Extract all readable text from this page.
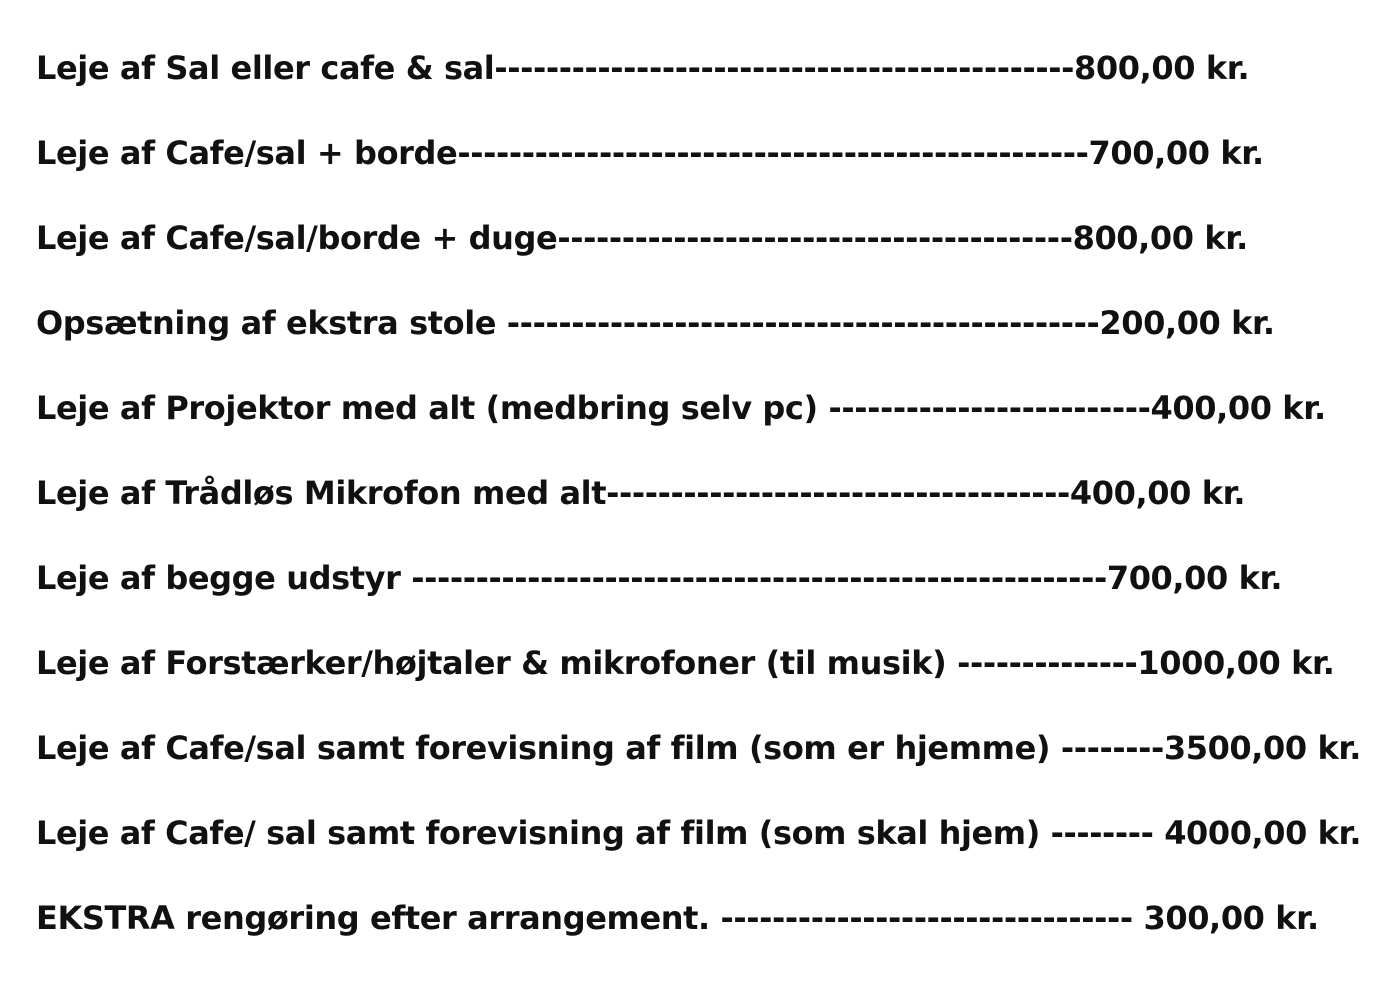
Leje af Sal eller cafe & sal---------------------------------------------800,00 kr.
Leje af Cafe/sal + borde-------------------------------------------------700,00 kr.
Leje af Cafe/sal/borde + duge----------------------------------------800,00 kr.
Opsætning af ekstra stole ----------------------------------------------200,00 kr.
Leje af Projektor med alt (medbring selv pc) -------------------------400,00 kr.
Leje af Trådløs Mikrofon med alt------------------------------------400,00 kr.
Leje af begge udstyr ------------------------------------------------------700,00 kr.
Leje af Forstærker/højtaler & mikrofoner (til musik) --------------1000,00 kr.
Leje af Cafe/sal samt forevisning af film (som er hjemme) --------3500,00 kr.
Leje af Cafe/ sal samt forevisning af film (som skal hjem) -------- 4000,00 kr.
EKSTRA rengøring efter arrangement. -------------------------------- 300,00 kr.
